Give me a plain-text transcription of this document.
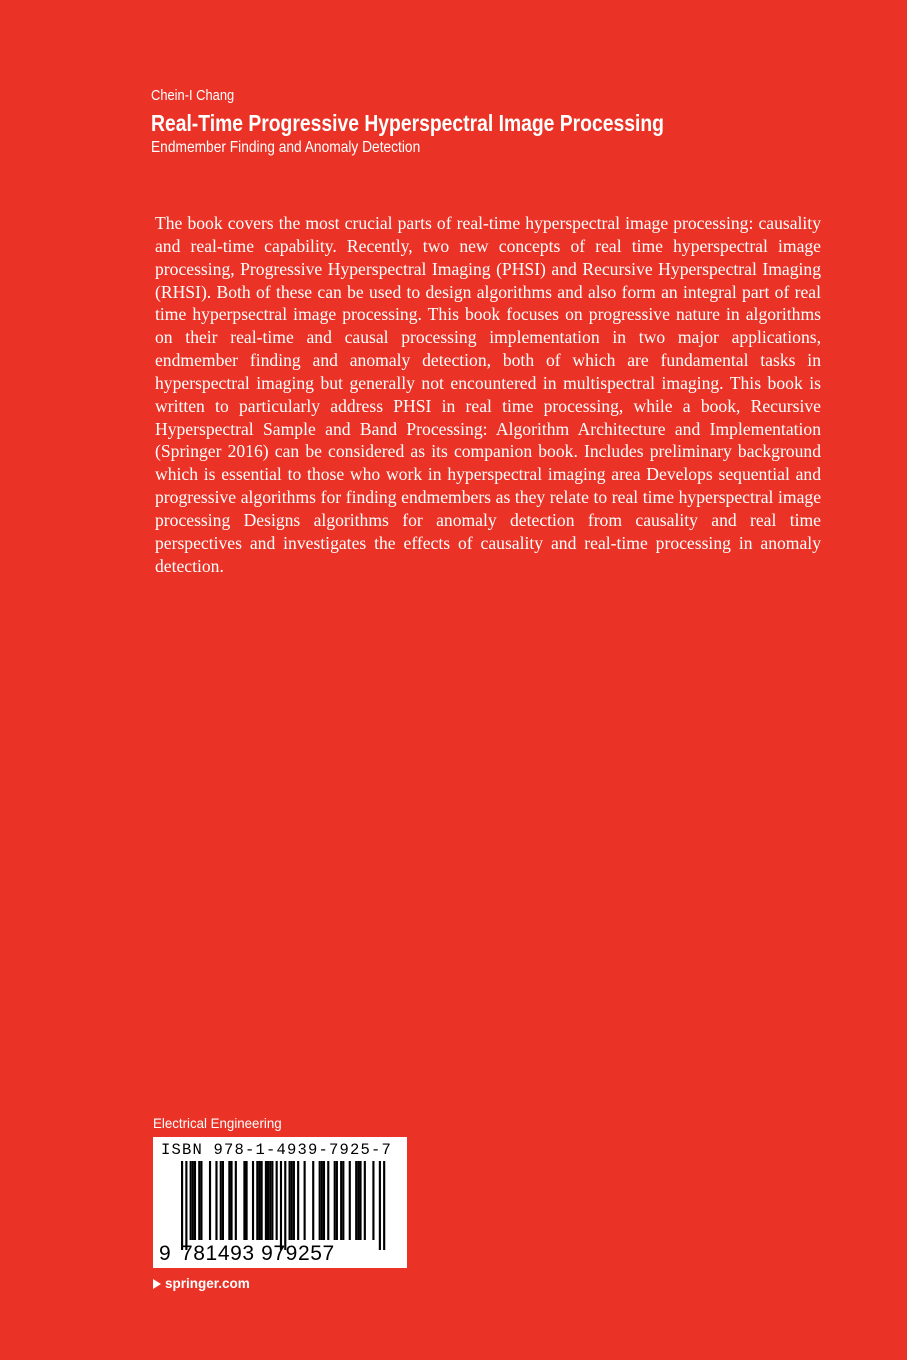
Chein-I Chang

Real-Time Progressive Hyperspectral Image Processing

Endmember Finding and Anomaly Detection

The book covers the most crucial parts of real-time hyperspectral image processing: causality and real-time capability. Recently, two new concepts of real time hyperspectral image processing, Progressive Hyperspectral Imaging (PHSI) and Recursive Hyperspectral Imaging (RHSI). Both of these can be used to design algorithms and also form an integral part of real time hyperpsectral image processing. This book focuses on progressive nature in algorithms on their real-time and causal processing implementation in two major applications, endmember finding and anomaly detection, both of which are fundamental tasks in hyperspectral imaging but generally not encountered in multispectral imaging. This book is written to particularly address PHSI in real time processing, while a book, Recursive Hyperspectral Sample and Band Processing: Algorithm Architecture and Implementation (Springer 2016) can be considered as its companion book. Includes preliminary background which is essential to those who work in hyperspectral imaging area Develops sequential and progressive algorithms for finding endmembers as they relate to real time hyperspectral image processing Designs algorithms for anomaly detection from causality and real time perspectives and investigates the effects of causality and real-time processing in anomaly detection.

Electrical Engineering

ISBN 978-1-4939-7925-7
9 781493 979257

springer.com
